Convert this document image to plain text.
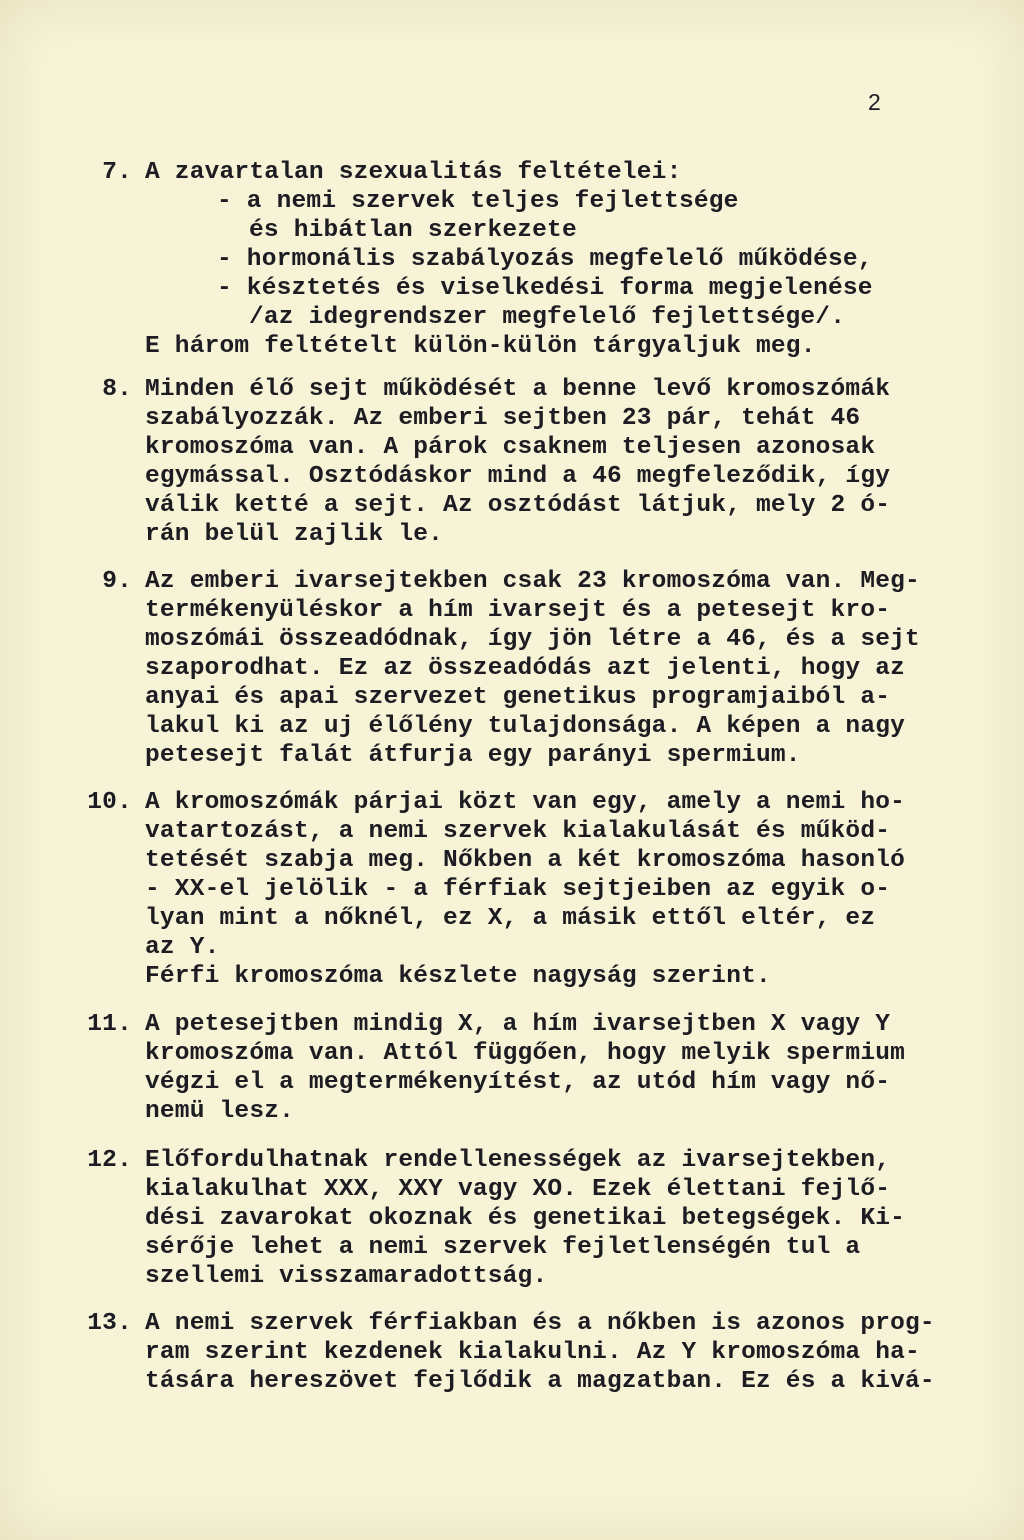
2
7. A zavartalan szexualitás feltételei:
- a nemi szervek teljes fejlettsége
és hibátlan szerkezete
- hormonális szabályozás megfelelő működése,
- késztetés és viselkedési forma megjelenése
/az idegrendszer megfelelő fejlettsége/.
E három feltételt külön-külön tárgyaljuk meg.
8. Minden élő sejt működését a benne levő kromoszómák
szabályozzák. Az emberi sejtben 23 pár, tehát 46
kromoszóma van. A párok csaknem teljesen azonosak
egymással. Osztódáskor mind a 46 megfeleződik, így
válik ketté a sejt. Az osztódást látjuk, mely 2 ó-
rán belül zajlik le.
9. Az emberi ivarsejtekben csak 23 kromoszóma van. Meg-
termékenyüléskor a hím ivarsejt és a petesejt kro-
moszómái összeadódnak, így jön létre a 46, és a sejt
szaporodhat. Ez az összeadódás azt jelenti, hogy az
anyai és apai szervezet genetikus programjaiból a-
lakul ki az uj élőlény tulajdonsága. A képen a nagy
petesejt falát átfurja egy parányi spermium.
10. A kromoszómák párjai közt van egy, amely a nemi ho-
vatartozást, a nemi szervek kialakulását és működ-
tetését szabja meg. Nőkben a két kromoszóma hasonló
- XX-el jelölik - a férfiak sejtjeiben az egyik o-
lyan mint a nőknél, ez X, a másik ettől eltér, ez
az Y.
Férfi kromoszóma készlete nagyság szerint.
11. A petesejtben mindig X, a hím ivarsejtben X vagy Y
kromoszóma van. Attól függően, hogy melyik spermium
végzi el a megtermékenyítést, az utód hím vagy nő-
nemü lesz.
12. Előfordulhatnak rendellenességek az ivarsejtekben,
kialakulhat XXX, XXY vagy XO. Ezek élettani fejlő-
dési zavarokat okoznak és genetikai betegségek. Ki-
sérője lehet a nemi szervek fejletlenségén tul a
szellemi visszamaradottság.
13. A nemi szervek férfiakban és a nőkben is azonos prog-
ram szerint kezdenek kialakulni. Az Y kromoszóma ha-
tására hereszövet fejlődik a magzatban. Ez és a kivá-
